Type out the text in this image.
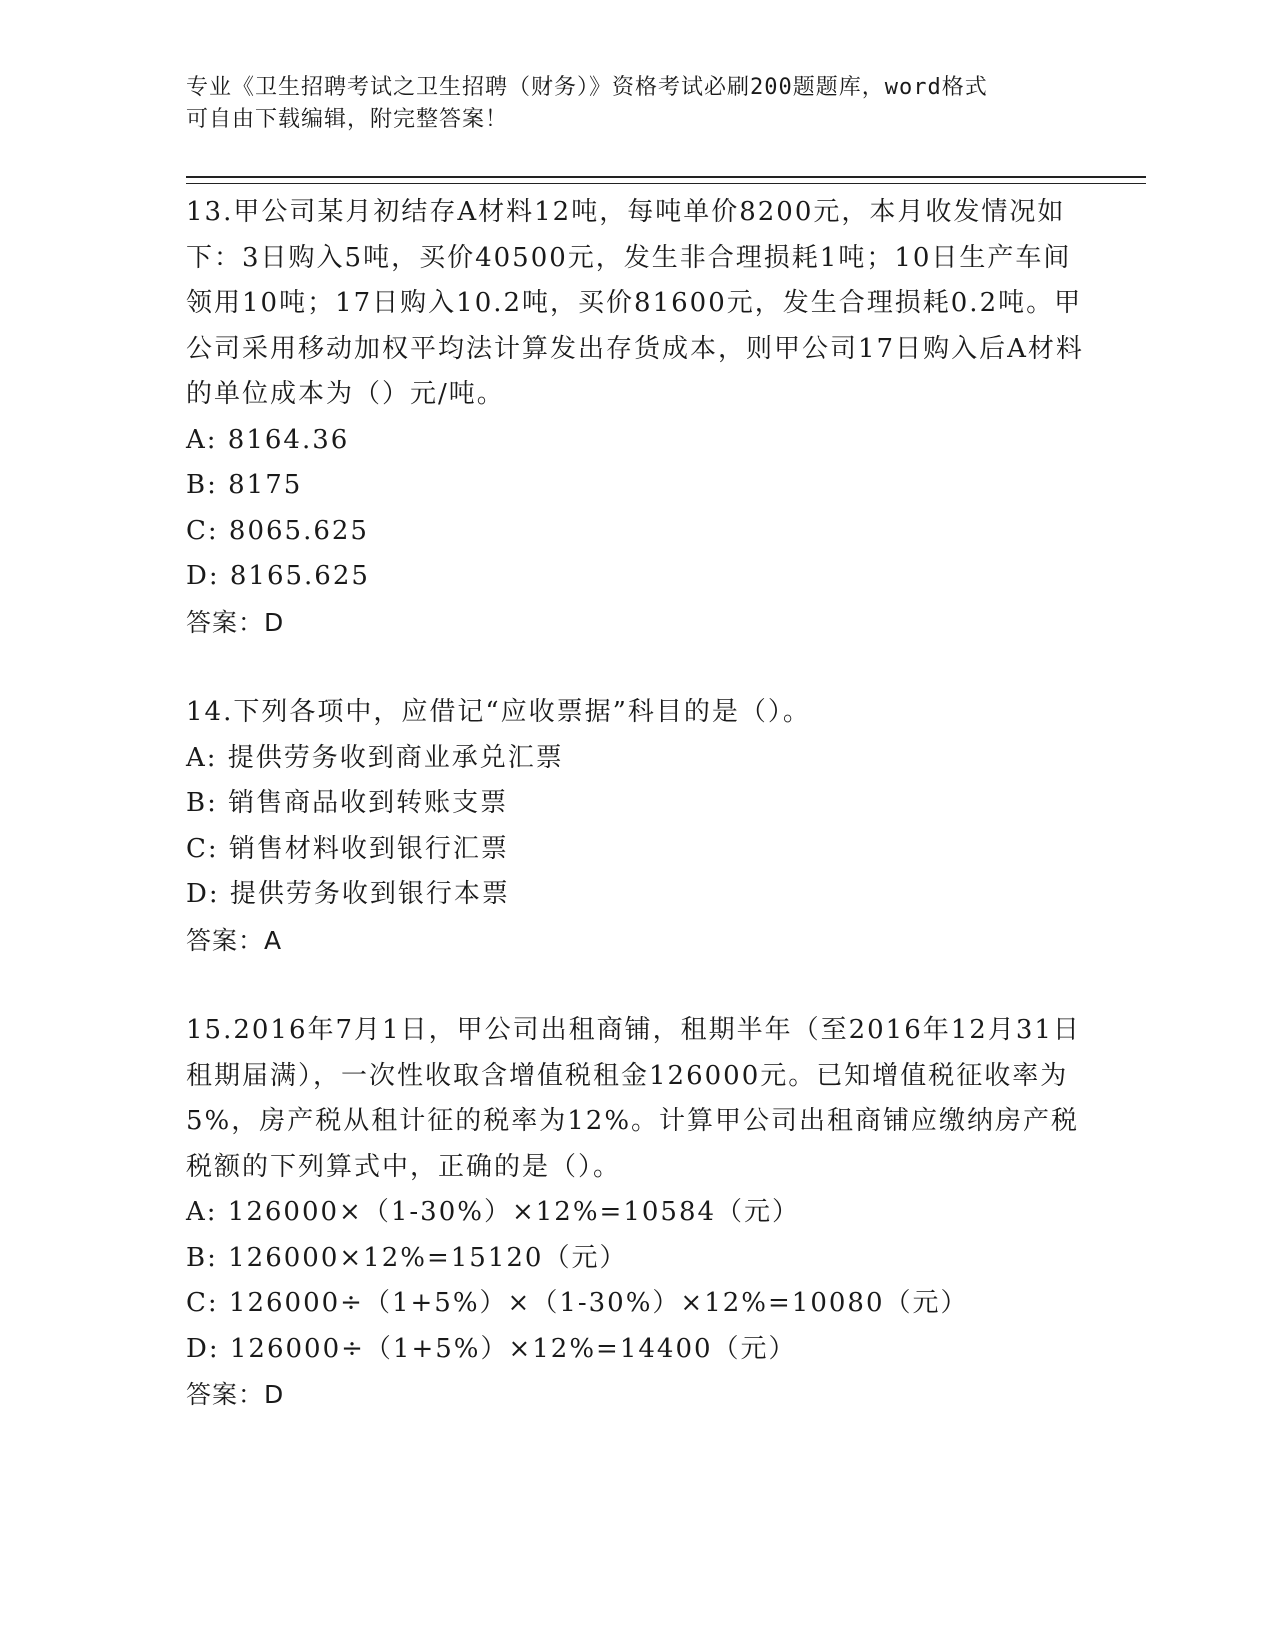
专业《卫生招聘考试之卫生招聘（财务）》资格考试必刷200题题库，word格式
可自由下载编辑，附完整答案！

13.甲公司某月初结存A材料12吨，每吨单价8200元，本月收发情况如下：3日购入5吨，买价40500元，发生非合理损耗1吨；10日生产车间领用10吨；17日购入10.2吨，买价81600元，发生合理损耗0.2吨。甲公司采用移动加权平均法计算发出存货成本，则甲公司17日购入后A材料的单位成本为（）元/吨。

A: 8164.36

B: 8175

C: 8065.625

D: 8165.625

答案：D

14.下列各项中，应借记“应收票据”科目的是（）。

A: 提供劳务收到商业承兑汇票

B: 销售商品收到转账支票

C: 销售材料收到银行汇票

D: 提供劳务收到银行本票

答案：A

15.2016年7月1日，甲公司出租商铺，租期半年（至2016年12月31日租期届满），一次性收取含增值税租金126000元。已知增值税征收率为5%，房产税从租计征的税率为12%。计算甲公司出租商铺应缴纳房产税税额的下列算式中，正确的是（）。

A: 126000×（1-30%）×12%=10584（元）

B: 126000×12%=15120（元）

C: 126000÷（1+5%）×（1-30%）×12%=10080（元）

D: 126000÷（1+5%）×12%=14400（元）

答案：D
